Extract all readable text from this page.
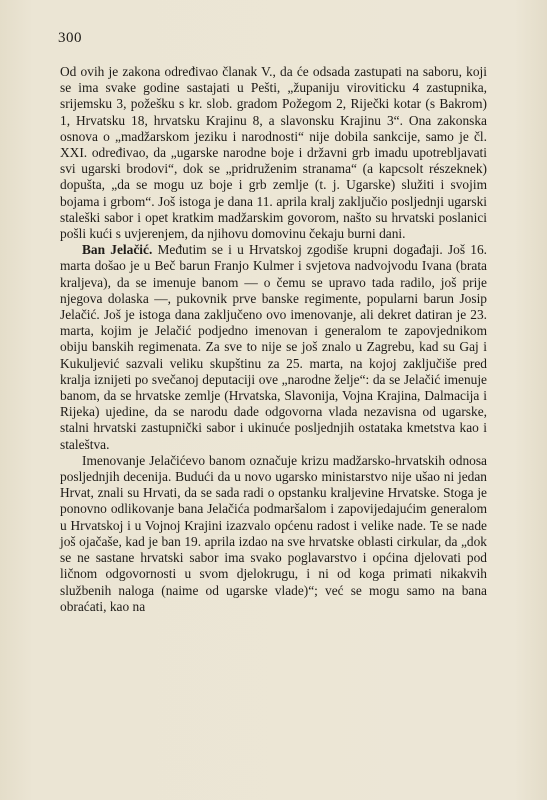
300

Od ovih je zakona određivao članak V., da će odsada zastupati na saboru, koji se ima svake godine sastajati u Pešti, „županiju viroviticku 4 zastupnika, srijemsku 3, požešku s kr. slob. gradom Požegom 2, Riječki kotar (s Bakrom) 1, Hrvatsku 18, hrvatsku Krajinu 8, a slavonsku Krajinu 3“. Ona zakonska osnova o „madžarskom jeziku i narodnosti“ nije dobila sankcije, samo je čl. XXI. određivao, da „ugarske narodne boje i državni grb imadu upotrebljavati svi ugarski brodovi“, dok se „pridruženim stranama“ (a kapcsolt részeknek) dopušta, „da se mogu uz boje i grb zemlje (t. j. Ugarske) služiti i svojim bojama i grbom“. Još istoga je dana 11. aprila kralj zaključio posljednji ugarski staleški sabor i opet kratkim madžarskim govorom, našto su hrvatski poslanici pošli kući s uvjerenjem, da njihovu domovinu čekaju burni dani.

Ban Jelačić. Međutim se i u Hrvatskoj zgodiše krupni događaji. Još 16. marta došao je u Beč barun Franjo Kulmer i svjetova nadvojvodu Ivana (brata kraljeva), da se imenuje banom — o čemu se upravo tada radilo, još prije njegova dolaska —, pukovnik prve banske regimente, popularni barun Josip Jelačić. Još je istoga dana zaključeno ovo imenovanje, ali dekret datiran je 23. marta, kojim je Jelačić podjedno imenovan i generalom te zapovjednikom obiju banskih regimenata. Za sve to nije se još znalo u Zagrebu, kad su Gaj i Kukuljević sazvali veliku skupštinu za 25. marta, na kojoj zaključiše pred kralja iznijeti po svečanoj deputaciji ove „narodne želje“: da se Jelačić imenuje banom, da se hrvatske zemlje (Hrvatska, Slavonija, Vojna Krajina, Dalmacija i Rijeka) ujedine, da se narodu dade odgovorna vlada nezavisna od ugarske, stalni hrvatski zastupnički sabor i ukinuće posljednjih ostataka kmetstva kao i staleštva.

Imenovanje Jelačićevo banom označuje krizu madžarsko-hrvatskih odnosa posljednjih decenija. Budući da u novo ugarsko ministarstvo nije ušao ni jedan Hrvat, znali su Hrvati, da se sada radi o opstanku kraljevine Hrvatske. Stoga je ponovno odlikovanje bana Jelačića podmaršalom i zapovijedajućim generalom u Hrvatskoj i u Vojnoj Krajini izazvalo općenu radost i velike nade. Te se nade još ojačaše, kad je ban 19. aprila izdao na sve hrvatske oblasti cirkular, da „dok se ne sastane hrvatski sabor ima svako poglavarstvo i općina djelovati pod ličnom odgovornosti u svom djelokrugu, i ni od koga primati nikakvih službenih naloga (naime od ugarske vlade)“; već se mogu samo na bana obraćati, kao na
